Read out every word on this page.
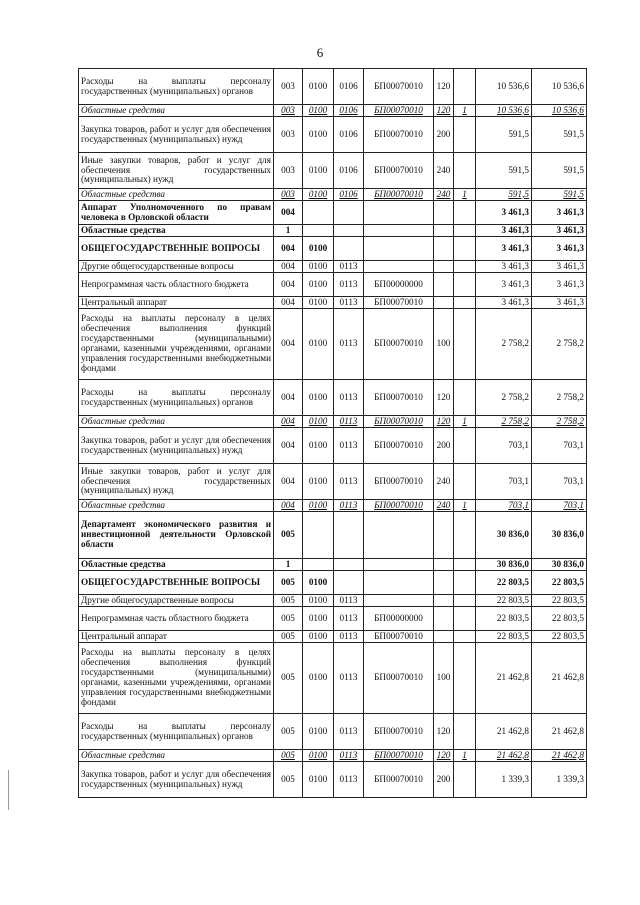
6
Расходы на выплаты персоналу государственных (муниципальных) органов	003	0100	0106	БП00070010	120		10 536,6	10 536,6
Областные средства	003	0100	0106	БП00070010	120	1	10 536,6	10 536,6
Закупка товаров, работ и услуг для обеспечения государственных (муниципальных) нужд	003	0100	0106	БП00070010	200		591,5	591,5
Иные закупки товаров, работ и услуг для обеспечения государственных (муниципальных) нужд	003	0100	0106	БП00070010	240		591,5	591,5
Областные средства	003	0100	0106	БП00070010	240	1	591,5	591,5
Аппарат Уполномоченного по правам человека в Орловской области	004						3 461,3	3 461,3
Областные средства	1						3 461,3	3 461,3
ОБЩЕГОСУДАРСТВЕННЫЕ ВОПРОСЫ	004	0100					3 461,3	3 461,3
Другие общегосударственные вопросы	004	0100	0113				3 461,3	3 461,3
Непрограммная часть областного бюджета	004	0100	0113	БП00000000			3 461,3	3 461,3
Центральный аппарат	004	0100	0113	БП00070010			3 461,3	3 461,3
Расходы на выплаты персоналу в целях обеспечения выполнения функций государственными (муниципальными) органами, казенными учреждениями, органами управления государственными внебюджетными фондами	004	0100	0113	БП00070010	100		2 758,2	2 758,2
Расходы на выплаты персоналу государственных (муниципальных) органов	004	0100	0113	БП00070010	120		2 758,2	2 758,2
Областные средства	004	0100	0113	БП00070010	120	1	2 758,2	2 758,2
Закупка товаров, работ и услуг для обеспечения государственных (муниципальных) нужд	004	0100	0113	БП00070010	200		703,1	703,1
Иные закупки товаров, работ и услуг для обеспечения государственных (муниципальных) нужд	004	0100	0113	БП00070010	240		703,1	703,1
Областные средства	004	0100	0113	БП00070010	240	1	703,1	703,1
Департамент экономического развития и инвестиционной деятельности Орловской области	005						30 836,0	30 836,0
Областные средства	1						30 836,0	30 836,0
ОБЩЕГОСУДАРСТВЕННЫЕ ВОПРОСЫ	005	0100					22 803,5	22 803,5
Другие общегосударственные вопросы	005	0100	0113				22 803,5	22 803,5
Непрограммная часть областного бюджета	005	0100	0113	БП00000000			22 803,5	22 803,5
Центральный аппарат	005	0100	0113	БП00070010			22 803,5	22 803,5
Расходы на выплаты персоналу в целях обеспечения выполнения функций государственными (муниципальными) органами, казенными учреждениями, органами управления государственными внебюджетными фондами	005	0100	0113	БП00070010	100		21 462,8	21 462,8
Расходы на выплаты персоналу государственных (муниципальных) органов	005	0100	0113	БП00070010	120		21 462,8	21 462,8
Областные средства	005	0100	0113	БП00070010	120	1	21 462,8	21 462,8
Закупка товаров, работ и услуг для обеспечения государственных (муниципальных) нужд	005	0100	0113	БП00070010	200		1 339,3	1 339,3
